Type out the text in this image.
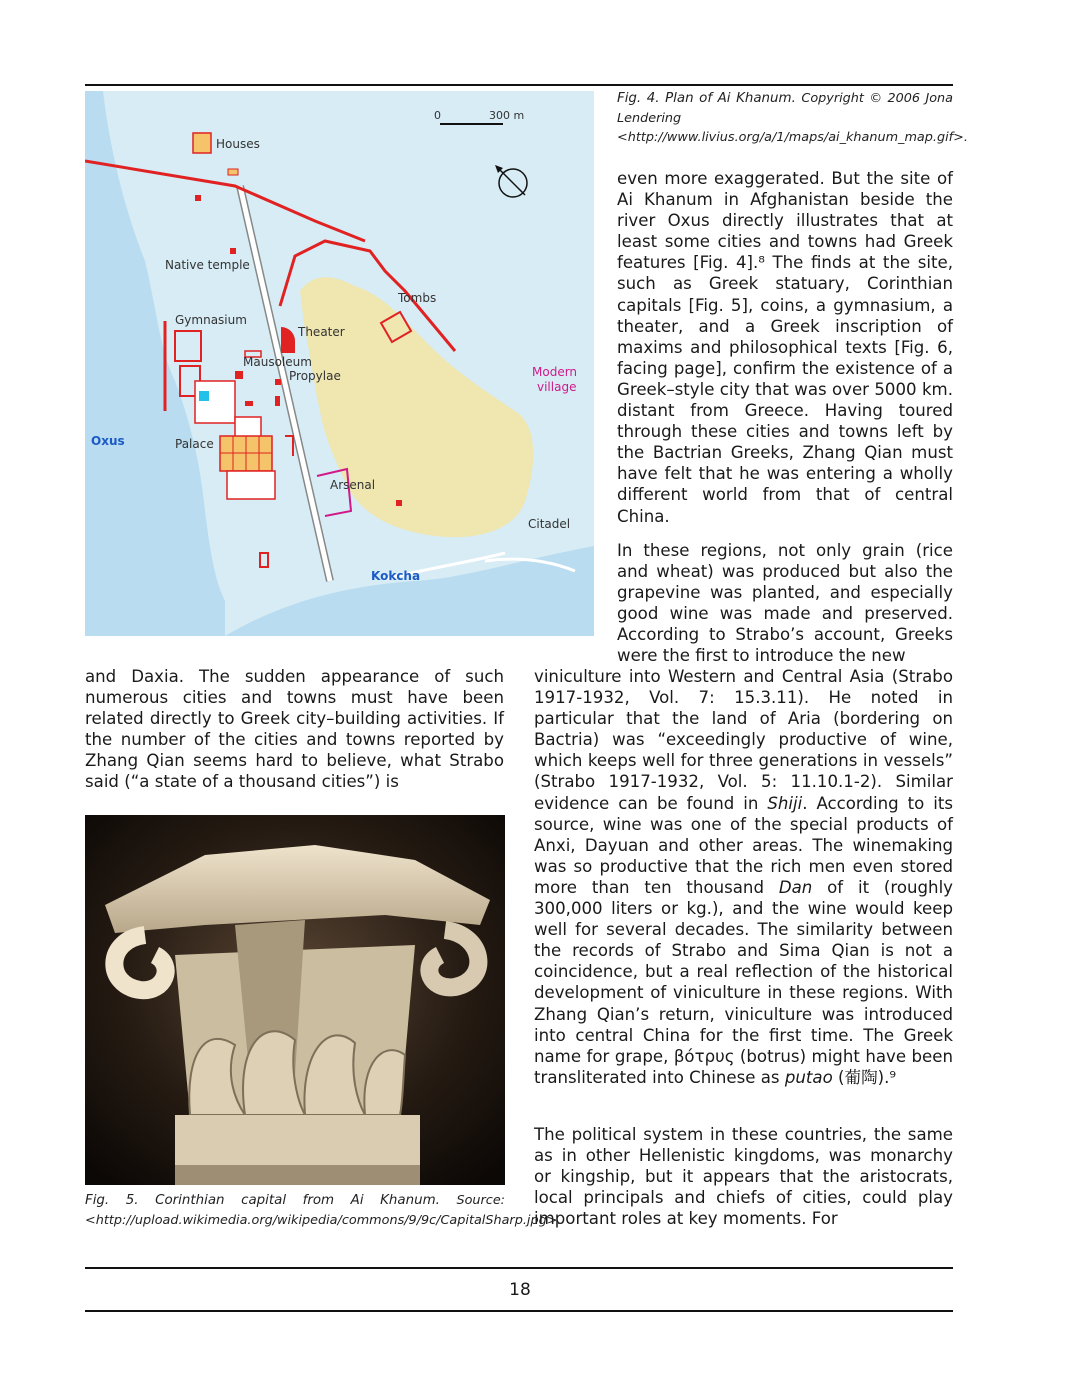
0	300 m
Houses
Native temple
Tombs
Gymnasium
Theater
Mausoleum
Propylae	Modern
village
Oxus	Palace
Arsenal
Citadel
Kokcha

Fig. 4. Plan of Ai Khanum. Copyright © 2006 Jona Lendering <http://www.livius.org/a/1/maps/ai_khanum_map.gif>.

even more exaggerated. But the site of Ai Khanum in Afghanistan beside the river Oxus directly illustrates that at least some cities and towns had Greek features [Fig. 4].⁸ The finds at the site, such as Greek statuary, Corinthian capitals [Fig. 5], coins, a gymnasium, a theater, and a Greek inscription of maxims and philosophical texts [Fig. 6, facing page], confirm the existence of a Greek–style city that was over 5000 km. distant from Greece. Having toured through these cities and towns left by the Bactrian Greeks, Zhang Qian must have felt that he was entering a wholly different world from that of central China.

In these regions, not only grain (rice and wheat) was produced but also the grapevine was planted, and especially good wine was made and preserved. According to Strabo’s account, Greeks were the first to introduce the new

and Daxia. The sudden appearance of such numerous cities and towns must have been related directly to Greek city–building activities. If the number of the cities and towns reported by Zhang Qian seems hard to believe, what Strabo said (“a state of a thousand cities”) is

viniculture into Western and Central Asia (Strabo 1917-1932, Vol. 7: 15.3.11). He noted in particular that the land of Aria (bordering on Bactria) was “exceedingly productive of wine, which keeps well for three generations in vessels” (Strabo 1917-1932, Vol. 5: 11.10.1-2). Similar evidence can be found in Shiji. According to its source, wine was one of the special products of Anxi, Dayuan and other areas. The winemaking was so productive that the rich men even stored more than ten thousand Dan of it (roughly 300,000 liters or kg.), and the wine would keep well for several decades. The similarity between the records of Strabo and Sima Qian is not a coincidence, but a real reflection of the historical development of viniculture in these regions. With Zhang Qian’s return, viniculture was introduced into central China for the first time. The Greek name for grape, βότρυς (botrus) might have been transliterated into Chinese as putao (葡陶).⁹

The political system in these countries, the same as in other Hellenistic kingdoms, was monarchy or kingship, but it appears that the aristocrats, local principals and chiefs of cities, could play important roles at key moments. For

Fig. 5. Corinthian capital from Ai Khanum. Source: <http://upload.wikimedia.org/wikipedia/commons/9/9c/CapitalSharp.jpg>.

18
